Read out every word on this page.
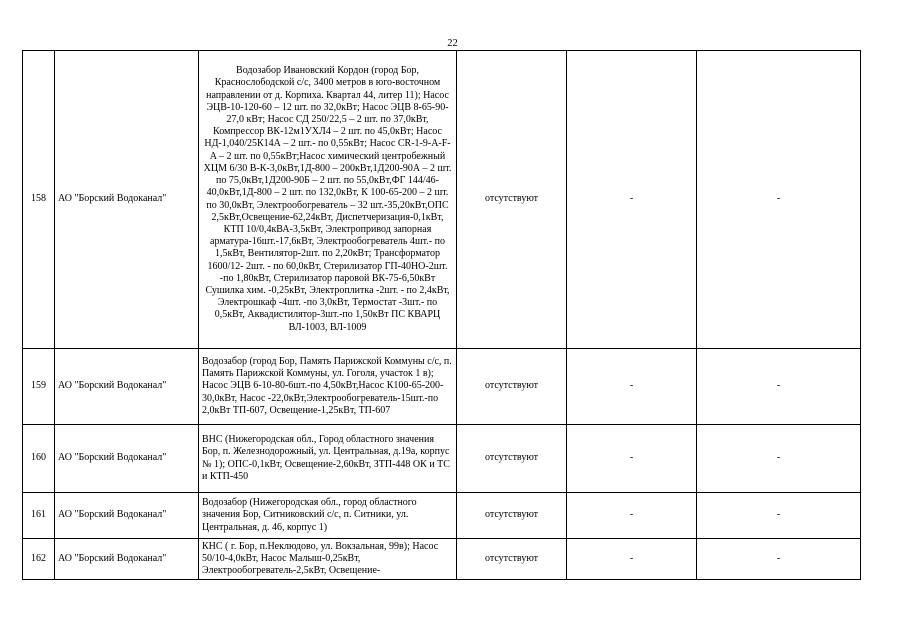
22
158	АО "Борский Водоканал"	Водозабор Ивановский Кордон (город Бор, Краснослободской с/с, 3400 метров в юго-восточном направлении от д. Корпиха. Квартал 44, литер 11); Насос ЭЦВ-10-120-60 – 12 шт. по 32,0кВт; Насос ЭЦВ 8-65-90-27,0 кВт; Насос СД 250/22,5 – 2 шт. по 37,0кВт, Компрессор ВК-12м1УХЛ4 – 2 шт. по 45,0кВт; Насос НД-1,040/25К14А – 2 шт.- по 0,55кВт; Насос CR-1-9-A-F-A – 2 шт. по 0,55кВт;Насос химический центробежный ХЦМ 6/30 В-К-3,0кВт,1Д-800 – 200кВт,1Д200-90А – 2 шт. по 75,0кВт,1Д200-90Б – 2 шт. по 55,0кВт,ФГ 144/46-40,0кВт,1Д-800 – 2 шт. по 132,0кВт, К 100-65-200 – 2 шт. по 30,0кВт, Электрообогреватель – 32 шт.-35,20кВт,ОПС 2,5кВт,Освещение-62,24кВт, Диспетчеризация-0,1кВт, КТП 10/0,4кВА-3,5кВт, Электропривод запорная арматура-16шт.-17,6кВт, Электрообогреватель 4шт.- по 1,5кВт, Вентилятор-2шт. по 2,20кВт; Трансформатор 1600/12- 2шт. - по 60,0кВт, Стерилизатор ГП-40НО-2шт. -по 1,80кВт, Стерилизатор паровой ВК-75-6,50кВт Сушилка хим. -0,25кВт, Электроплитка -2шт. - по 2,4кВт, Электрошкаф -4шт. -по 3,0кВт, Термостат -3шт.- по 0,5кВт, Аквадистилятор-3шт.-по 1,50кВт ПС КВАРЦ ВЛ-1003, ВЛ-1009	отсутствуют	-	-
159	АО "Борский Водоканал"	Водозабор (город Бор, Память Парижской Коммуны с/с, п. Память Парижской Коммуны, ул. Гоголя, участок 1 в); Насос ЭЦВ 6-10-80-6шт.-по 4,50кВт,Насос К100-65-200-30,0кВт, Насос -22,0кВт,Электрообогреватель-15шт.-по 2,0кВт ТП-607, Освещение-1,25кВт, ТП-607	отсутствуют	-	-
160	АО "Борский Водоканал"	ВНС (Нижегородская обл., Город областного значения Бор, п. Железнодорожный, ул. Центральная, д.19а, корпус № 1); ОПС-0,1кВт, Освещение-2,60кВт, ЗТП-448 ОК и ТС и КТП-450	отсутствуют	-	-
161	АО "Борский Водоканал"	Водозабор (Нижегородская обл., город областного значения Бор, Ситниковский с/с, п. Ситники, ул. Центральная, д. 46, корпус 1)	отсутствуют	-	-
162	АО "Борский Водоканал"	КНС ( г. Бор, п.Неклюдово, ул. Вокзальная, 99в); Насос 50/10-4,0кВт, Насос Малыш-0,25кВт, Электрообогреватель-2,5кВт, Освещение-	отсутствуют	-	-
